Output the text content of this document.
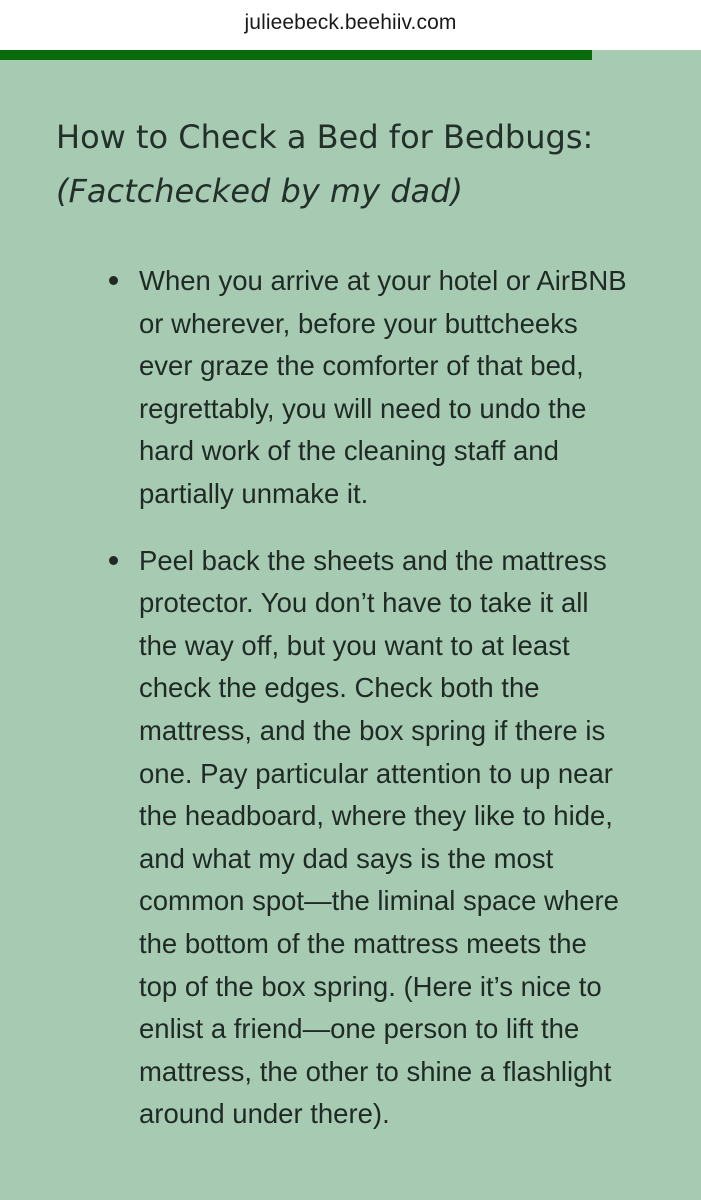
julieebeck.beehiiv.com
How to Check a Bed for Bedbugs:
(Factchecked by my dad)
When you arrive at your hotel or AirBNB or wherever, before your buttcheeks ever graze the comforter of that bed, regrettably, you will need to undo the hard work of the cleaning staff and partially unmake it.
Peel back the sheets and the mattress protector. You don’t have to take it all the way off, but you want to at least check the edges. Check both the mattress, and the box spring if there is one. Pay particular attention to up near the headboard, where they like to hide, and what my dad says is the most common spot—the liminal space where the bottom of the mattress meets the top of the box spring. (Here it’s nice to enlist a friend—one person to lift the mattress, the other to shine a flashlight around under there).
